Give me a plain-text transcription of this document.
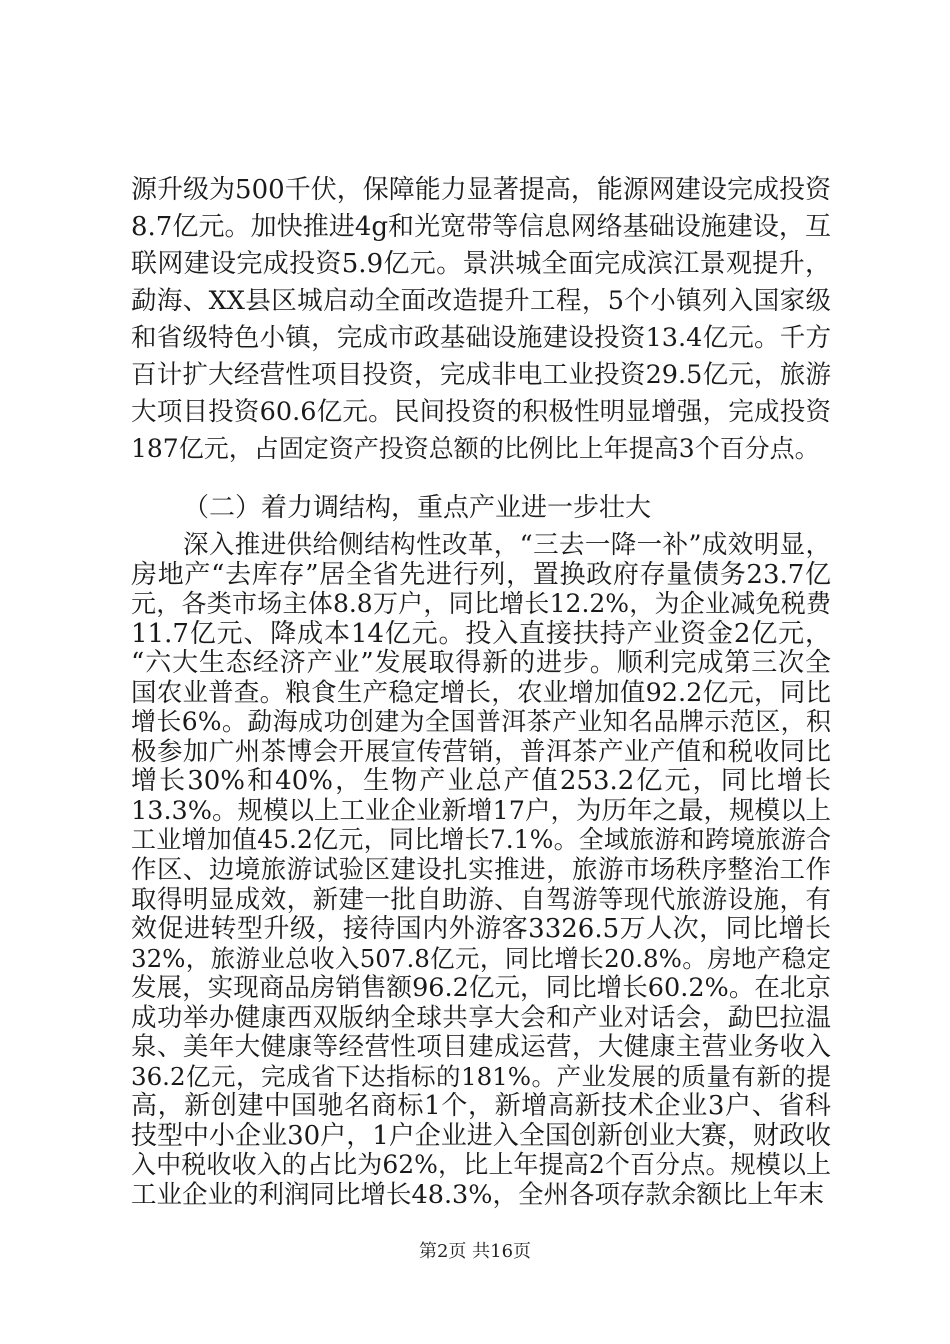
源升级为500千伏，保障能力显著提高，能源网建设完成投资
8.7亿元。加快推进4g和光宽带等信息网络基础设施建设，互
联网建设完成投资5.9亿元。景洪城全面完成滨江景观提升，
勐海、XX县区城启动全面改造提升工程，5个小镇列入国家级
和省级特色小镇，完成市政基础设施建设投资13.4亿元。千方
百计扩大经营性项目投资，完成非电工业投资29.5亿元，旅游
大项目投资60.6亿元。民间投资的积极性明显增强，完成投资
187亿元，占固定资产投资总额的比例比上年提高3个百分点。
（二）着力调结构，重点产业进一步壮大
深入推进供给侧结构性改革，“三去一降一补”成效明显，
房地产“去库存”居全省先进行列，置换政府存量债务23.7亿
元，各类市场主体8.8万户，同比增长12.2%，为企业减免税费
11.7亿元、降成本14亿元。投入直接扶持产业资金2亿元，
“六大生态经济产业”发展取得新的进步。顺利完成第三次全
国农业普查。粮食生产稳定增长，农业增加值92.2亿元，同比
增长6%。勐海成功创建为全国普洱茶产业知名品牌示范区，积
极参加广州茶博会开展宣传营销，普洱茶产业产值和税收同比
增长30%和40%，生物产业总产值253.2亿元，同比增长
13.3%。规模以上工业企业新增17户，为历年之最，规模以上
工业增加值45.2亿元，同比增长7.1%。全域旅游和跨境旅游合
作区、边境旅游试验区建设扎实推进，旅游市场秩序整治工作
取得明显成效，新建一批自助游、自驾游等现代旅游设施，有
效促进转型升级，接待国内外游客3326.5万人次，同比增长
32%，旅游业总收入507.8亿元，同比增长20.8%。房地产稳定
发展，实现商品房销售额96.2亿元，同比增长60.2%。在北京
成功举办健康西双版纳全球共享大会和产业对话会，勐巴拉温
泉、美年大健康等经营性项目建成运营，大健康主营业务收入
36.2亿元，完成省下达指标的181%。产业发展的质量有新的提
高，新创建中国驰名商标1个，新增高新技术企业3户、省科
技型中小企业30户，1户企业进入全国创新创业大赛，财政收
入中税收收入的占比为62%，比上年提高2个百分点。规模以上
工业企业的利润同比增长48.3%，全州各项存款余额比上年末
第2页 共16页
